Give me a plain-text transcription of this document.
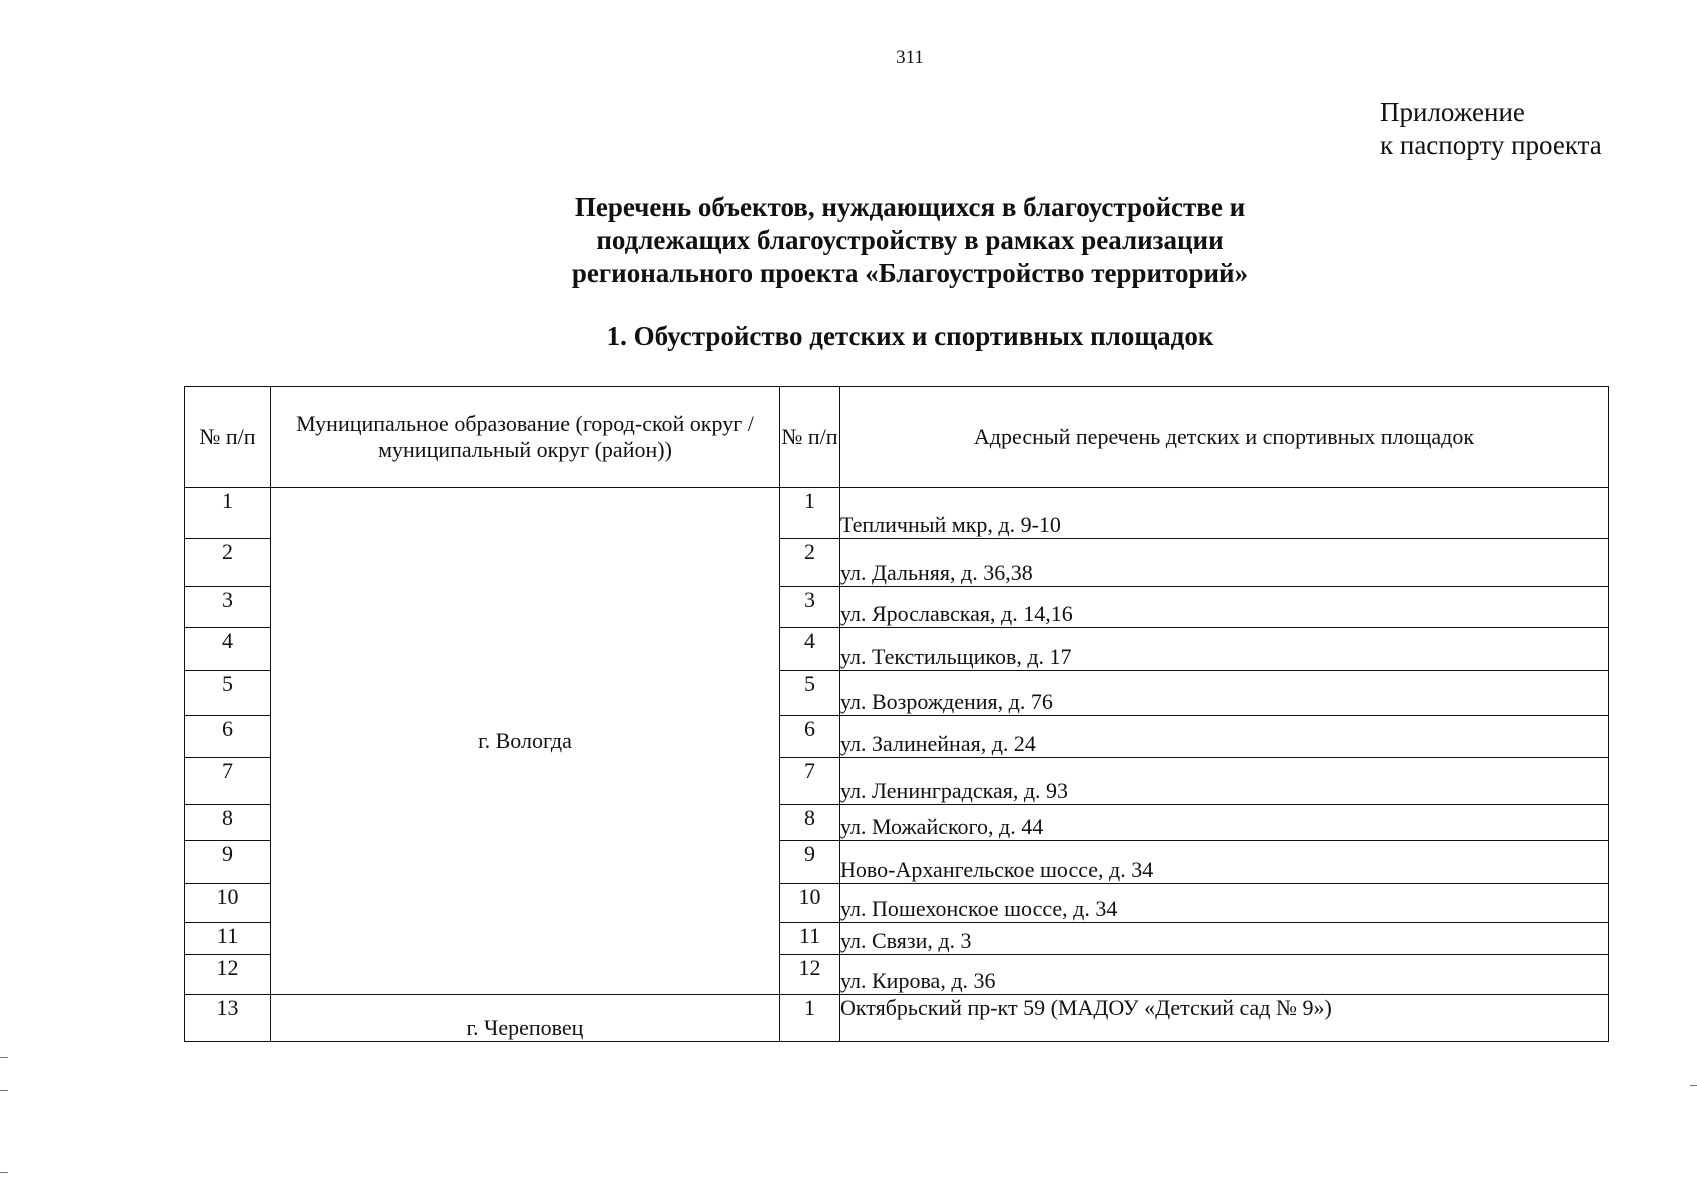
311
Приложение
к паспорту проекта
Перечень объектов, нуждающихся в благоустройстве и
подлежащих благоустройству в рамках реализации
регионального проекта «Благоустройство территорий»
1. Обустройство детских и спортивных площадок
№ п/п	Муниципальное образование (город-ской округ / муниципальный округ (район))	№ п/п	Адресный перечень детских и спортивных площадок
1	г. Вологда	1	Тепличный мкр, д. 9-10
2		2	ул. Дальняя, д. 36,38
3		3	ул. Ярославская, д. 14,16
4		4	ул. Текстильщиков, д. 17
5		5	ул. Возрождения, д. 76
6		6	ул. Залинейная, д. 24
7		7	ул. Ленинградская, д. 93
8		8	ул. Можайского, д. 44
9		9	Ново-Архангельское шоссе, д. 34
10		10	ул. Пошехонское шоссе, д. 34
11		11	ул. Связи, д. 3
12		12	ул. Кирова, д. 36
13	г. Череповец	1	Октябрьский пр-кт 59 (МАДОУ «Детский сад № 9»)
